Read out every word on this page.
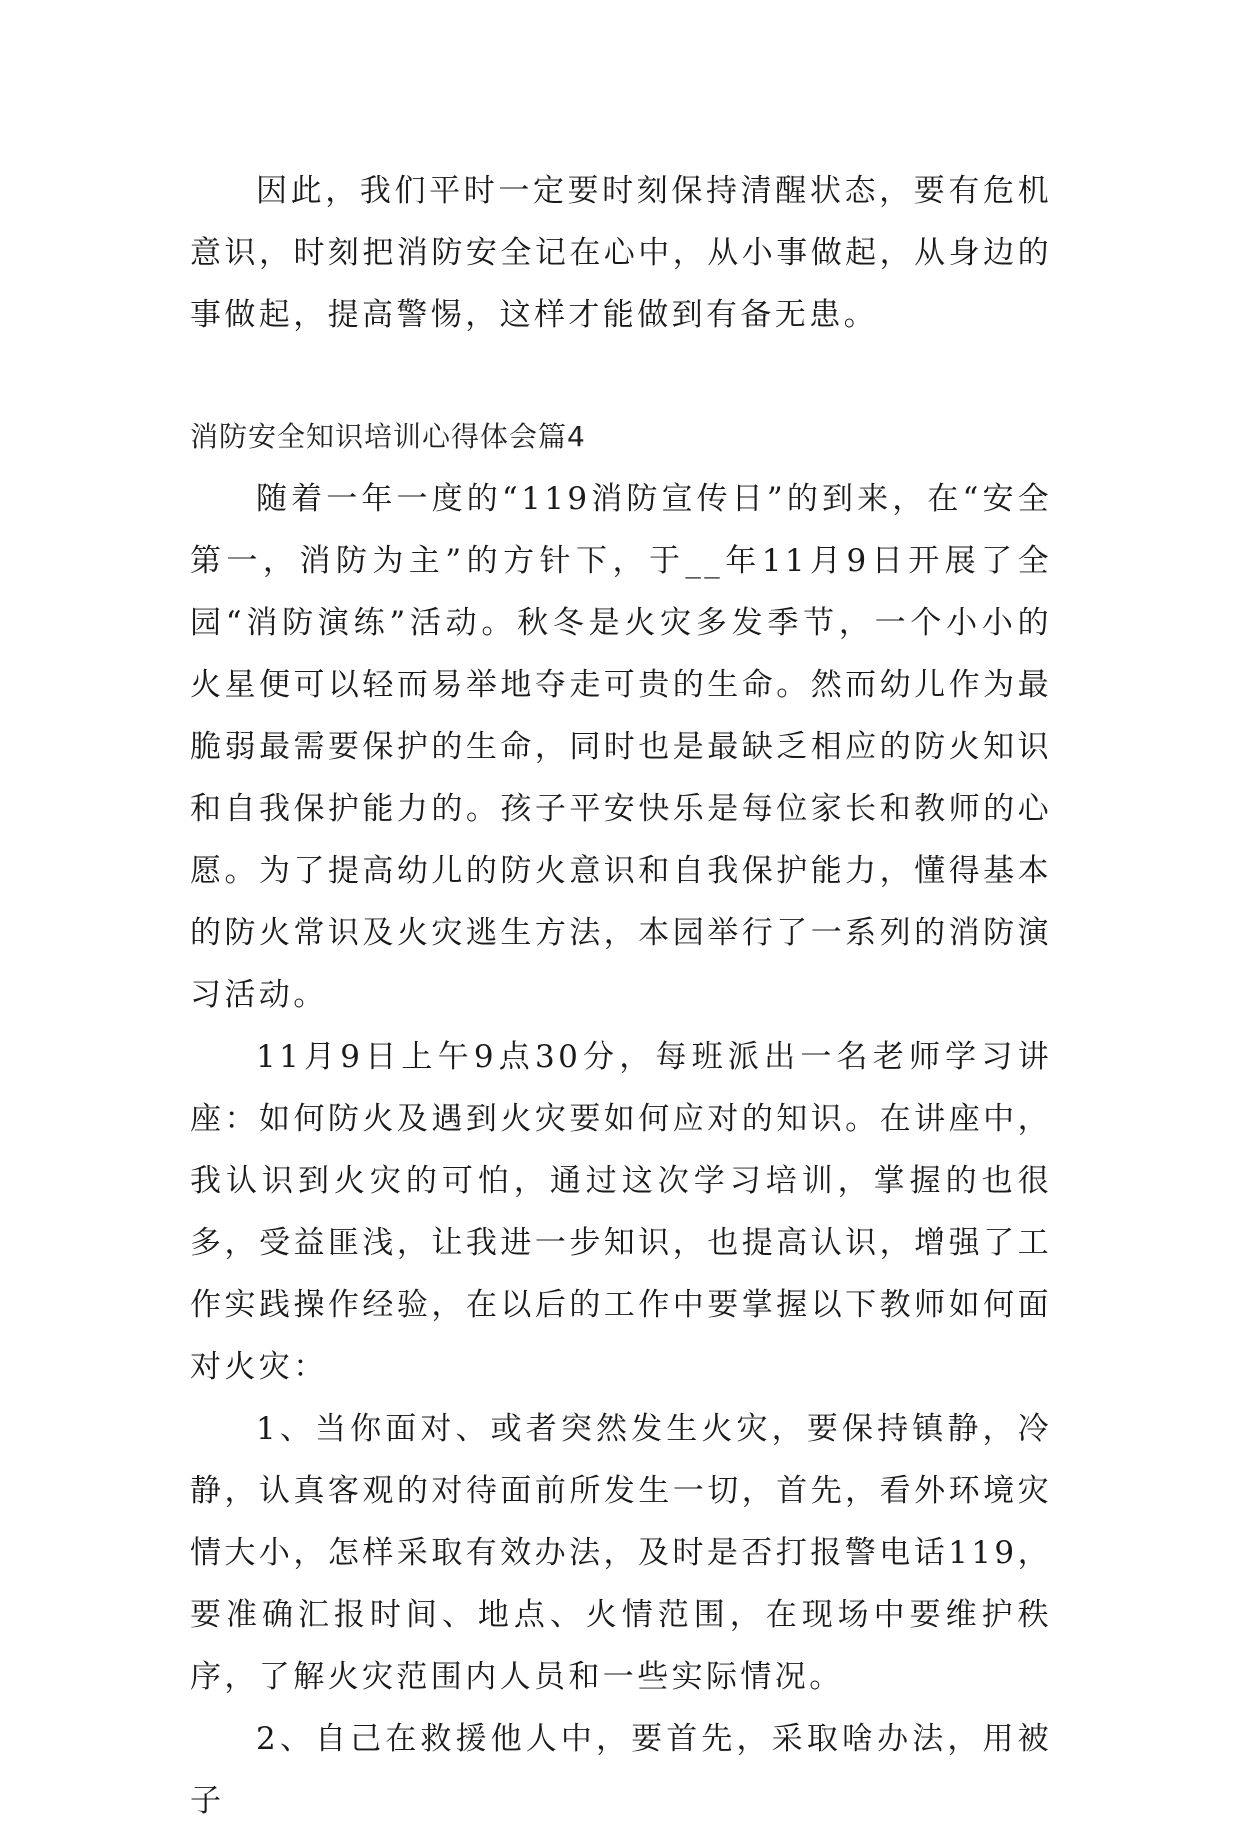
因此，我们平时一定要时刻保持清醒状态，要有危机意识，时刻把消防安全记在心中，从小事做起，从身边的事做起，提高警惕，这样才能做到有备无患。

消防安全知识培训心得体会篇4

随着一年一度的“119消防宣传日”的到来，在“安全第一，消防为主”的方针下，于__年11月9日开展了全园“消防演练”活动。秋冬是火灾多发季节，一个小小的火星便可以轻而易举地夺走可贵的生命。然而幼儿作为最脆弱最需要保护的生命，同时也是最缺乏相应的防火知识和自我保护能力的。孩子平安快乐是每位家长和教师的心愿。为了提高幼儿的防火意识和自我保护能力，懂得基本的防火常识及火灾逃生方法，本园举行了一系列的消防演习活动。

11月9日上午9点30分，每班派出一名老师学习讲座：如何防火及遇到火灾要如何应对的知识。在讲座中，我认识到火灾的可怕，通过这次学习培训，掌握的也很多，受益匪浅，让我进一步知识，也提高认识，增强了工作实践操作经验，在以后的工作中要掌握以下教师如何面对火灾：

1、当你面对、或者突然发生火灾，要保持镇静，冷静，认真客观的对待面前所发生一切，首先，看外环境灾情大小，怎样采取有效办法，及时是否打报警电话119，要准确汇报时间、地点、火情范围，在现场中要维护秩序，了解火灾范围内人员和一些实际情况。

2、自己在救援他人中，要首先，采取啥办法，用被子
